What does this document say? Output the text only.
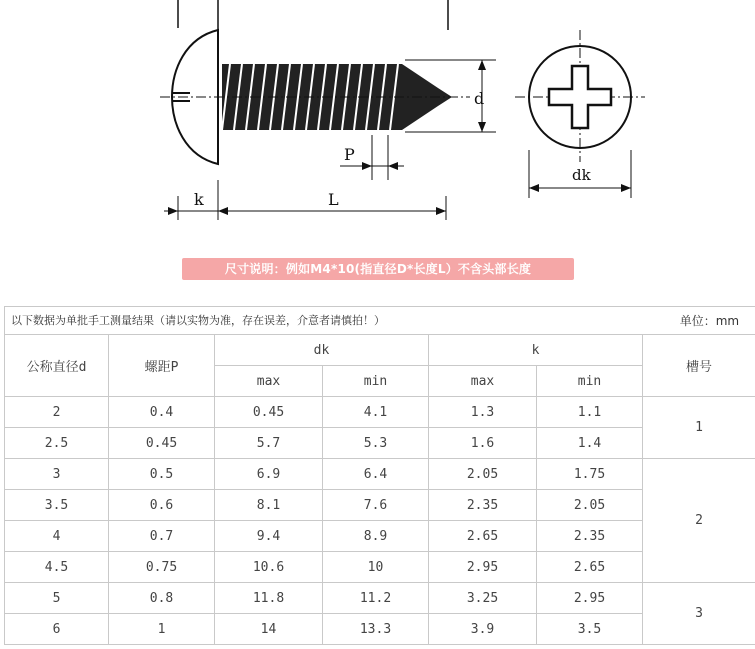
d
P
k	L
dk
尺寸说明：例如M4*10(指直径D*长度L）不含头部长度
以下数据为单批手工测量结果（请以实物为准，存在误差，介意者请慎拍！） 单位：mm						

公称直径d	螺距P	dk		k		槽号
		max	min	max	min	
2	0.4	0.45	4.1	1.3	1.1	1
2.5	0.45	5.7	5.3	1.6	1.4	
3	0.5	6.9	6.4	2.05	1.75	2
3.5	0.6	8.1	7.6	2.35	2.05	
4	0.7	9.4	8.9	2.65	2.35	
4.5	0.75	10.6	10	2.95	2.65	
5	0.8	11.8	11.2	3.25	2.95	3
6	1	14	13.3	3.9	3.5	
